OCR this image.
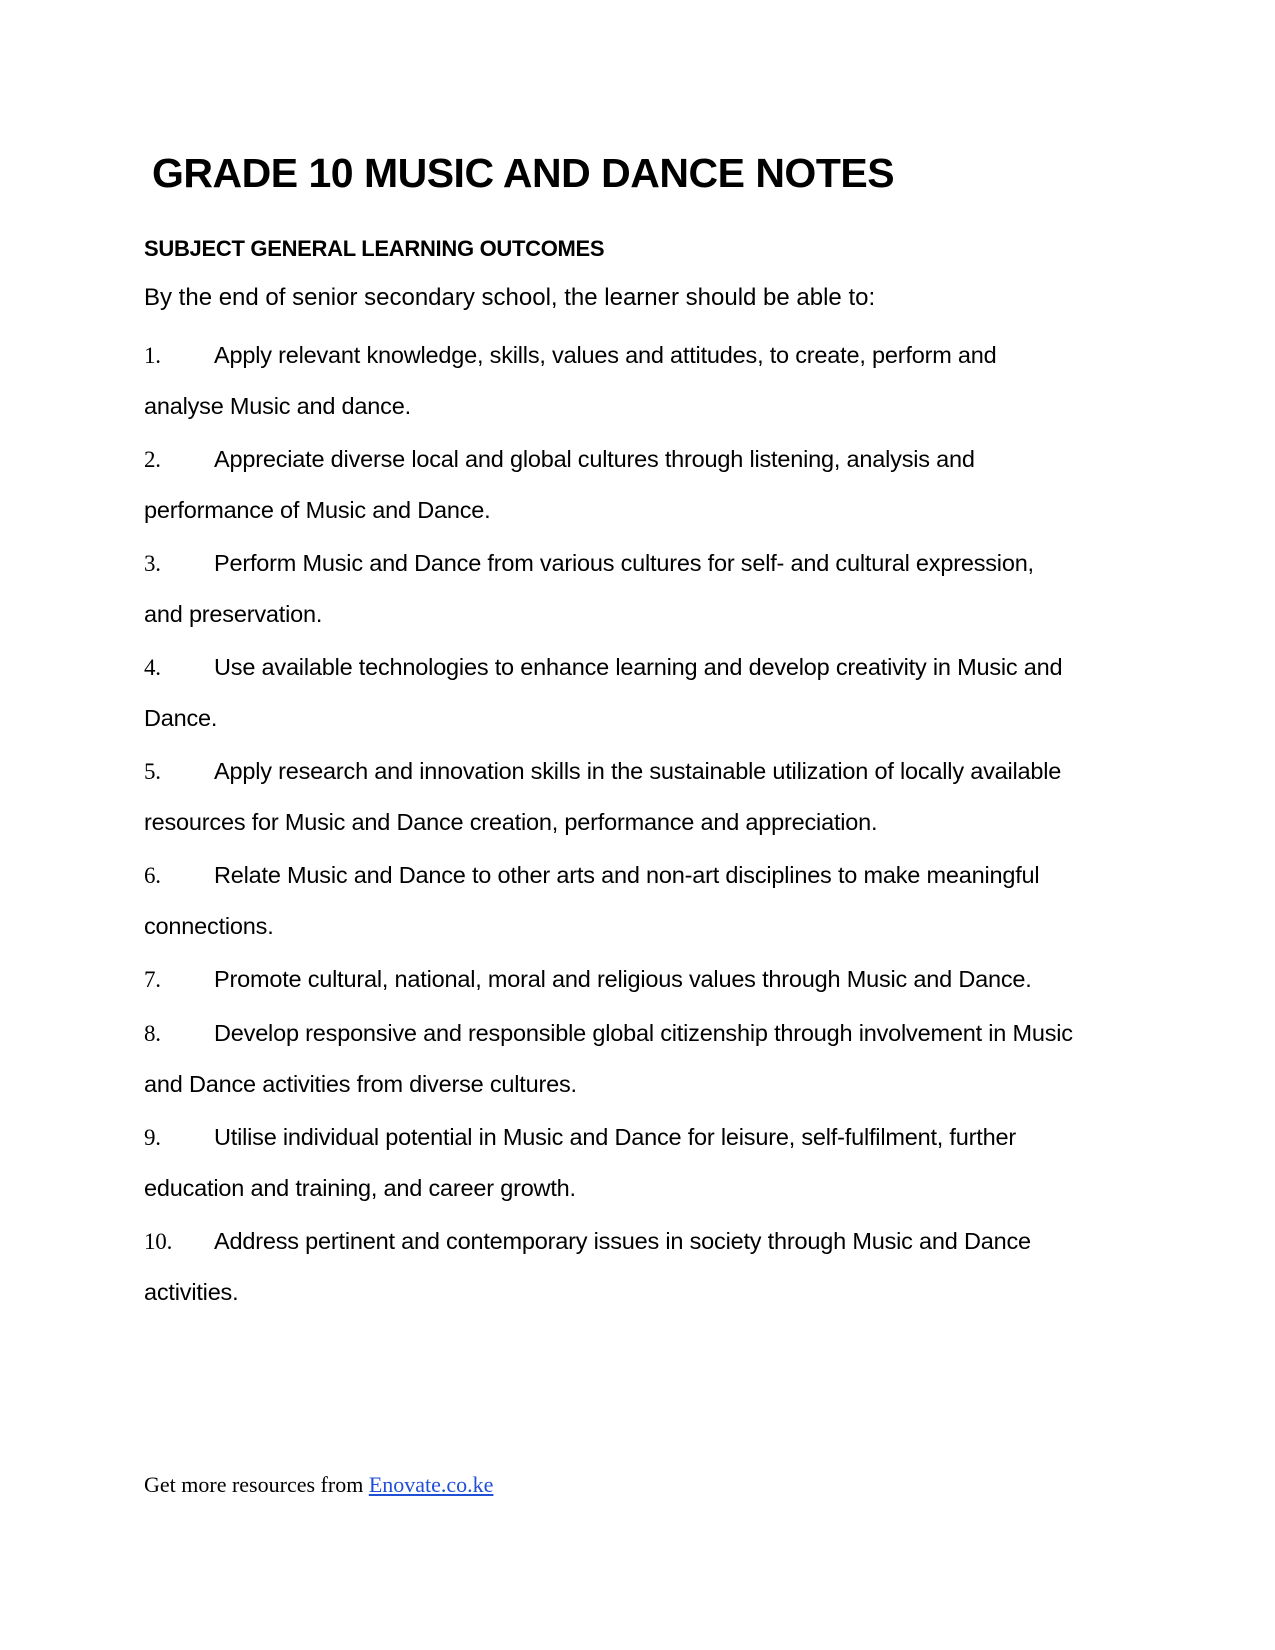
GRADE 10 MUSIC AND DANCE NOTES
SUBJECT GENERAL LEARNING OUTCOMES

By the end of senior secondary school, the learner should be able to:

1. Apply relevant knowledge, skills, values and attitudes, to create, perform and analyse Music and dance.
2. Appreciate diverse local and global cultures through listening, analysis and performance of Music and Dance.
3. Perform Music and Dance from various cultures for self- and cultural expression, and preservation.
4. Use available technologies to enhance learning and develop creativity in Music and Dance.
5. Apply research and innovation skills in the sustainable utilization of locally available resources for Music and Dance creation, performance and appreciation.
6. Relate Music and Dance to other arts and non-art disciplines to make meaningful connections.
7. Promote cultural, national, moral and religious values through Music and Dance.
8. Develop responsive and responsible global citizenship through involvement in Music and Dance activities from diverse cultures.
9. Utilise individual potential in Music and Dance for leisure, self-fulfilment, further education and training, and career growth.
10. Address pertinent and contemporary issues in society through Music and Dance activities.

Get more resources from Enovate.co.ke
